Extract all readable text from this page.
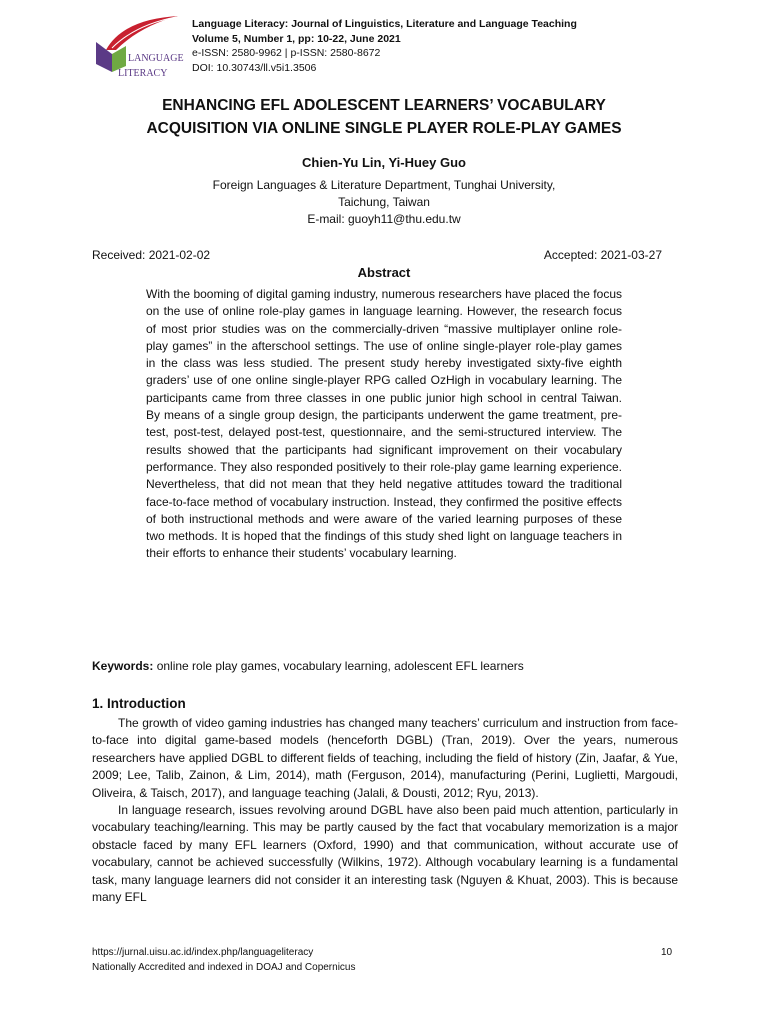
LANGUAGE
LITERACY
Language Literacy: Journal of Linguistics, Literature and Language Teaching
Volume 5, Number 1, pp: 10-22, June 2021
e-ISSN: 2580-9962 | p-ISSN: 2580-8672
DOI: 10.30743/ll.v5i1.3506
ENHANCING EFL ADOLESCENT LEARNERS’ VOCABULARY
ACQUISITION VIA ONLINE SINGLE PLAYER ROLE-PLAY GAMES
Chien-Yu Lin, Yi-Huey Guo
Foreign Languages & Literature Department, Tunghai University,
Taichung, Taiwan
E-mail: guoyh11@thu.edu.tw
Received: 2021-02-02	Accepted: 2021-03-27
Abstract
With the booming of digital gaming industry, numerous researchers have placed the focus on the use of online role-play games in language learning. However, the research focus of most prior studies was on the commercially-driven “massive multiplayer online role-play games” in the afterschool settings. The use of online single-player role-play games in the class was less studied. The present study hereby investigated sixty-five eighth graders’ use of one online single-player RPG called OzHigh in vocabulary learning. The participants came from three classes in one public junior high school in central Taiwan. By means of a single group design, the participants underwent the game treatment, pre-test, post-test, delayed post-test, questionnaire, and the semi-structured interview. The results showed that the participants had significant improvement on their vocabulary performance. They also responded positively to their role-play game learning experience. Nevertheless, that did not mean that they held negative attitudes toward the traditional face-to-face method of vocabulary instruction. Instead, they confirmed the positive effects of both instructional methods and were aware of the varied learning purposes of these two methods. It is hoped that the findings of this study shed light on language teachers in their efforts to enhance their students’ vocabulary learning.
Keywords: online role play games, vocabulary learning, adolescent EFL learners
1. Introduction

The growth of video gaming industries has changed many teachers’ curriculum and instruction from face-to-face into digital game-based models (henceforth DGBL) (Tran, 2019). Over the years, numerous researchers have applied DGBL to different fields of teaching, including the field of history (Zin, Jaafar, & Yue, 2009; Lee, Talib, Zainon, & Lim, 2014), math (Ferguson, 2014), manufacturing (Perini, Luglietti, Margoudi, Oliveira, & Taisch, 2017), and language teaching (Jalali, & Dousti, 2012; Ryu, 2013).

In language research, issues revolving around DGBL have also been paid much attention, particularly in vocabulary teaching/learning. This may be partly caused by the fact that vocabulary memorization is a major obstacle faced by many EFL learners (Oxford, 1990) and that communication, without accurate use of vocabulary, cannot be achieved successfully (Wilkins, 1972). Although vocabulary learning is a fundamental task, many language learners did not consider it an interesting task (Nguyen & Khuat, 2003). This is because many EFL

https://jurnal.uisu.ac.id/index.php/languageliteracy
Nationally Accredited and indexed in DOAJ and Copernicus
10
